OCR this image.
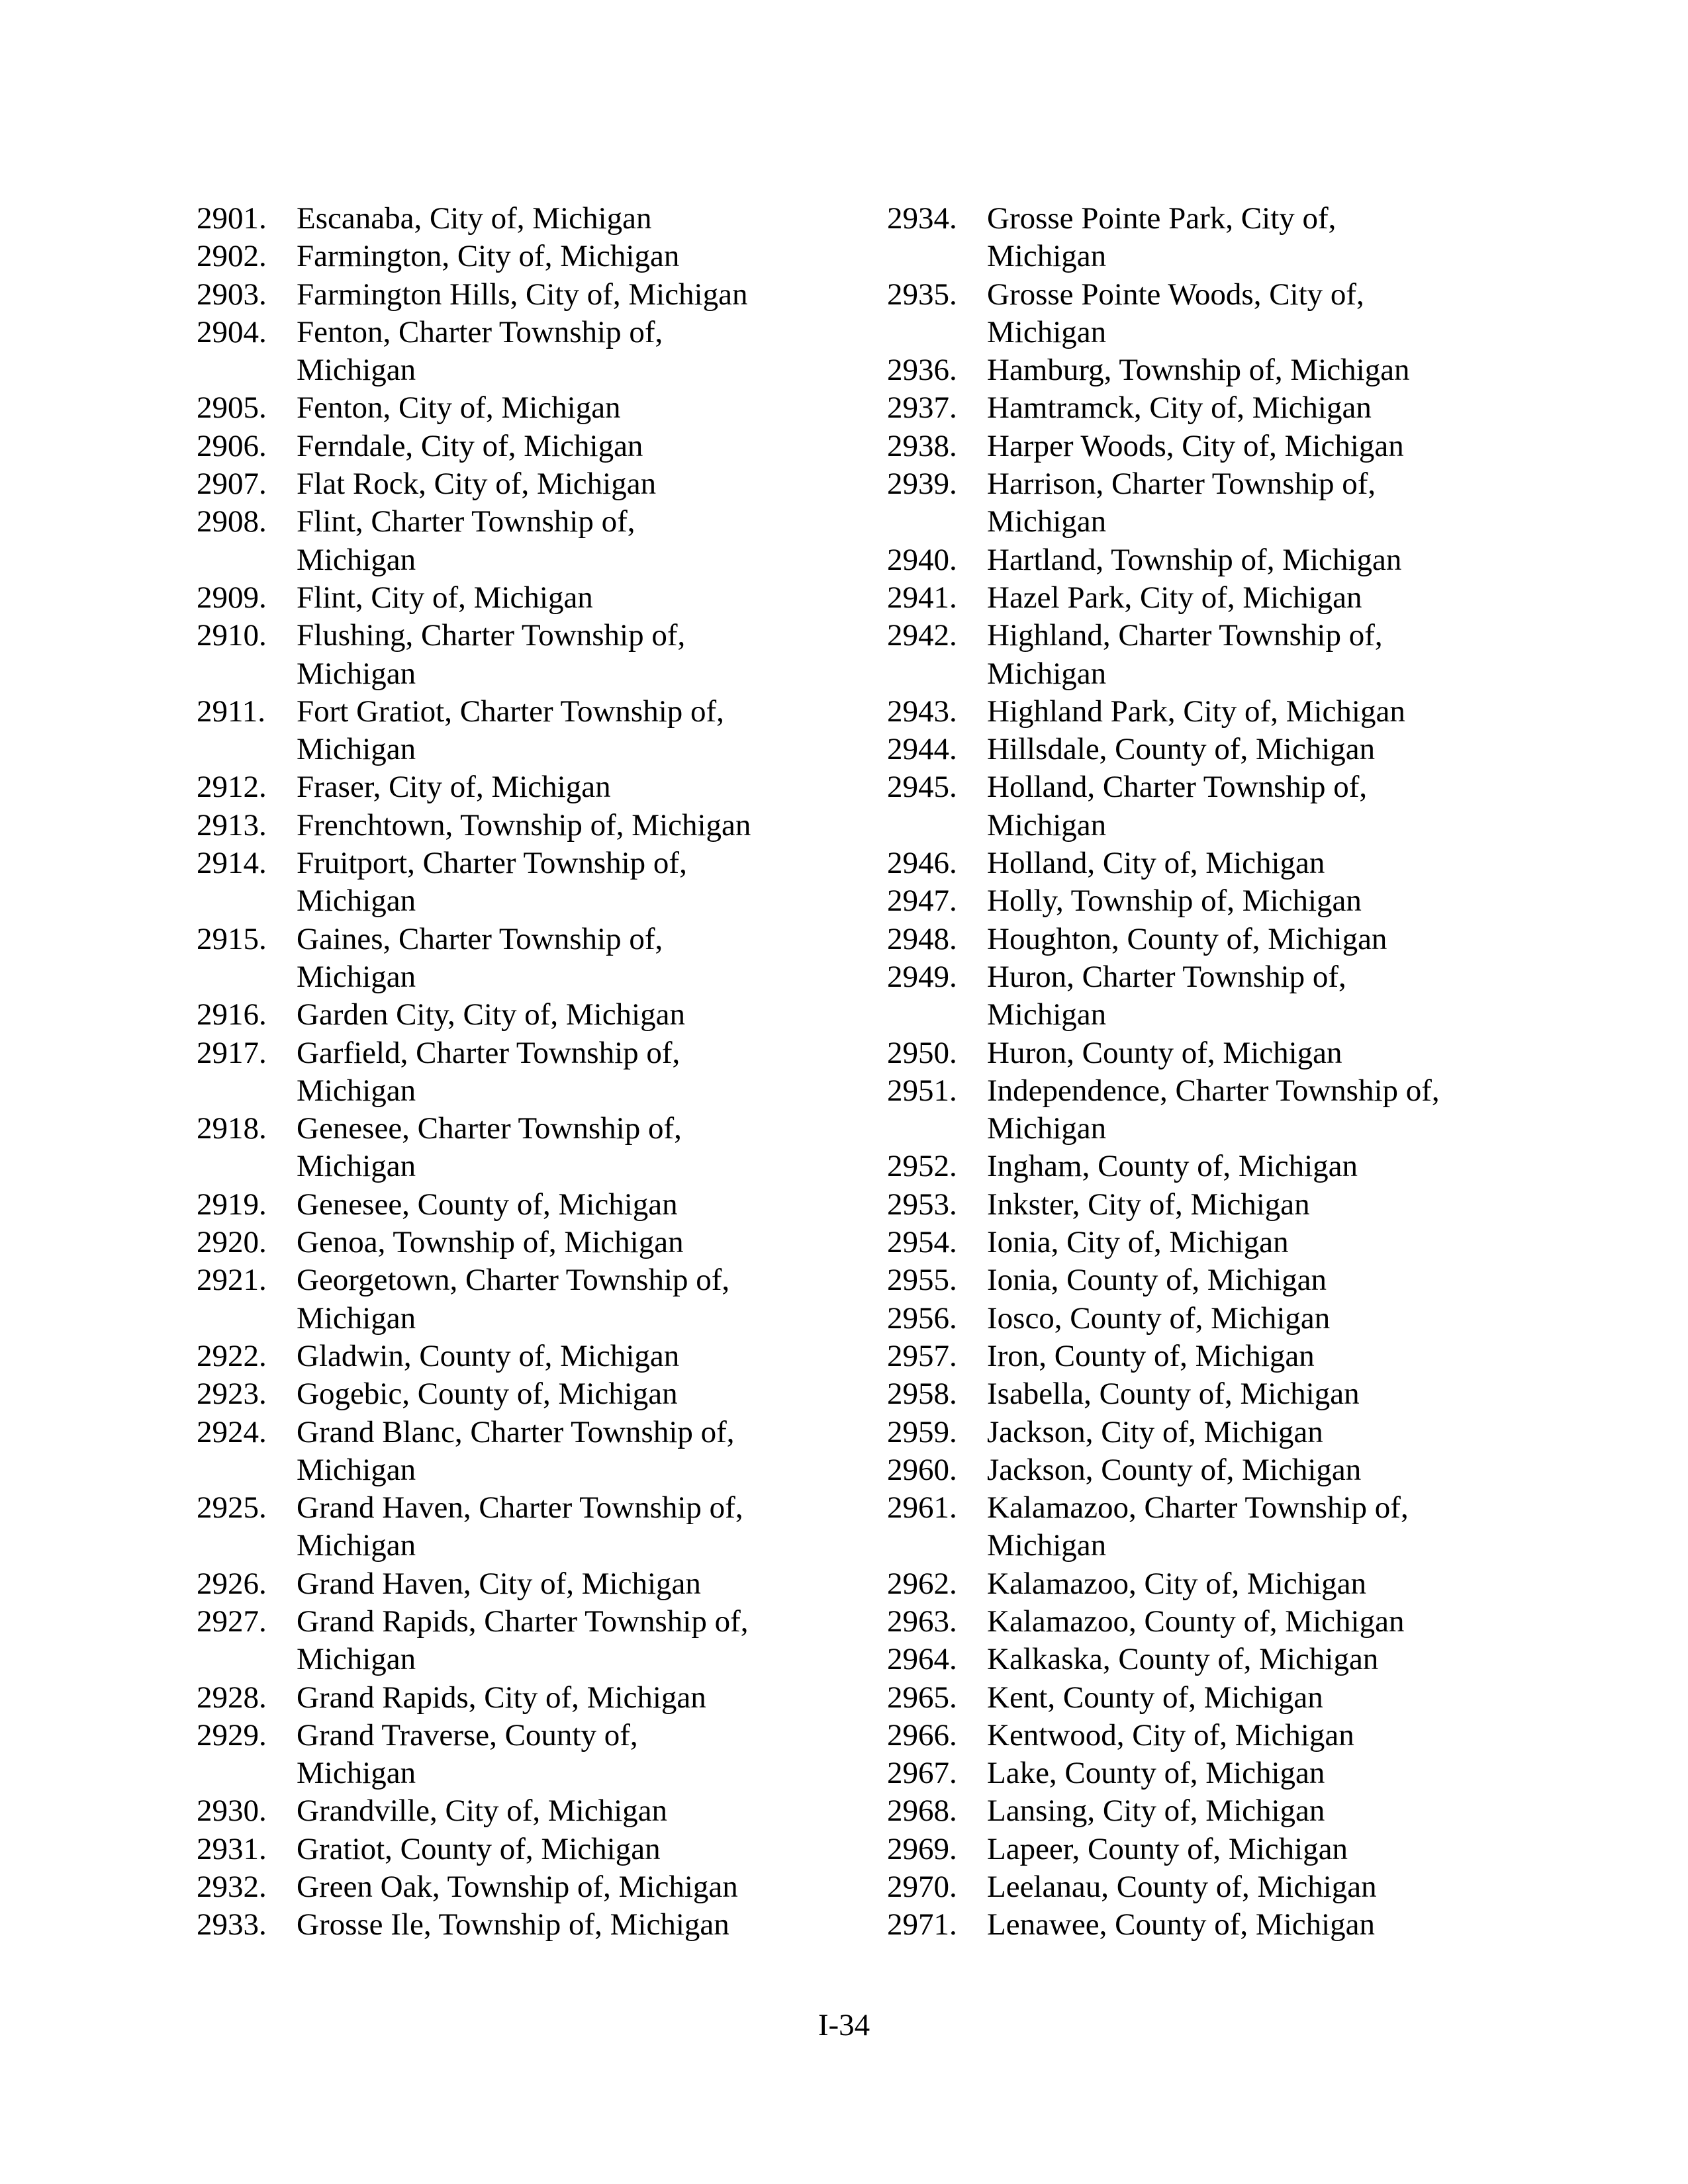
2901. Escanaba, City of, Michigan
2902. Farmington, City of, Michigan
2903. Farmington Hills, City of, Michigan
2904. Fenton, Charter Township of,
Michigan
2905. Fenton, City of, Michigan
2906. Ferndale, City of, Michigan
2907. Flat Rock, City of, Michigan
2908. Flint, Charter Township of,
Michigan
2909. Flint, City of, Michigan
2910. Flushing, Charter Township of,
Michigan
2911. Fort Gratiot, Charter Township of,
Michigan
2912. Fraser, City of, Michigan
2913. Frenchtown, Township of, Michigan
2914. Fruitport, Charter Township of,
Michigan
2915. Gaines, Charter Township of,
Michigan
2916. Garden City, City of, Michigan
2917. Garfield, Charter Township of,
Michigan
2918. Genesee, Charter Township of,
Michigan
2919. Genesee, County of, Michigan
2920. Genoa, Township of, Michigan
2921. Georgetown, Charter Township of,
Michigan
2922. Gladwin, County of, Michigan
2923. Gogebic, County of, Michigan
2924. Grand Blanc, Charter Township of,
Michigan
2925. Grand Haven, Charter Township of,
Michigan
2926. Grand Haven, City of, Michigan
2927. Grand Rapids, Charter Township of,
Michigan
2928. Grand Rapids, City of, Michigan
2929. Grand Traverse, County of,
Michigan
2930. Grandville, City of, Michigan
2931. Gratiot, County of, Michigan
2932. Green Oak, Township of, Michigan
2933. Grosse Ile, Township of, Michigan
2934. Grosse Pointe Park, City of,
Michigan
2935. Grosse Pointe Woods, City of,
Michigan
2936. Hamburg, Township of, Michigan
2937. Hamtramck, City of, Michigan
2938. Harper Woods, City of, Michigan
2939. Harrison, Charter Township of,
Michigan
2940. Hartland, Township of, Michigan
2941. Hazel Park, City of, Michigan
2942. Highland, Charter Township of,
Michigan
2943. Highland Park, City of, Michigan
2944. Hillsdale, County of, Michigan
2945. Holland, Charter Township of,
Michigan
2946. Holland, City of, Michigan
2947. Holly, Township of, Michigan
2948. Houghton, County of, Michigan
2949. Huron, Charter Township of,
Michigan
2950. Huron, County of, Michigan
2951. Independence, Charter Township of,
Michigan
2952. Ingham, County of, Michigan
2953. Inkster, City of, Michigan
2954. Ionia, City of, Michigan
2955. Ionia, County of, Michigan
2956. Iosco, County of, Michigan
2957. Iron, County of, Michigan
2958. Isabella, County of, Michigan
2959. Jackson, City of, Michigan
2960. Jackson, County of, Michigan
2961. Kalamazoo, Charter Township of,
Michigan
2962. Kalamazoo, City of, Michigan
2963. Kalamazoo, County of, Michigan
2964. Kalkaska, County of, Michigan
2965. Kent, County of, Michigan
2966. Kentwood, City of, Michigan
2967. Lake, County of, Michigan
2968. Lansing, City of, Michigan
2969. Lapeer, County of, Michigan
2970. Leelanau, County of, Michigan
2971. Lenawee, County of, Michigan
I-34
